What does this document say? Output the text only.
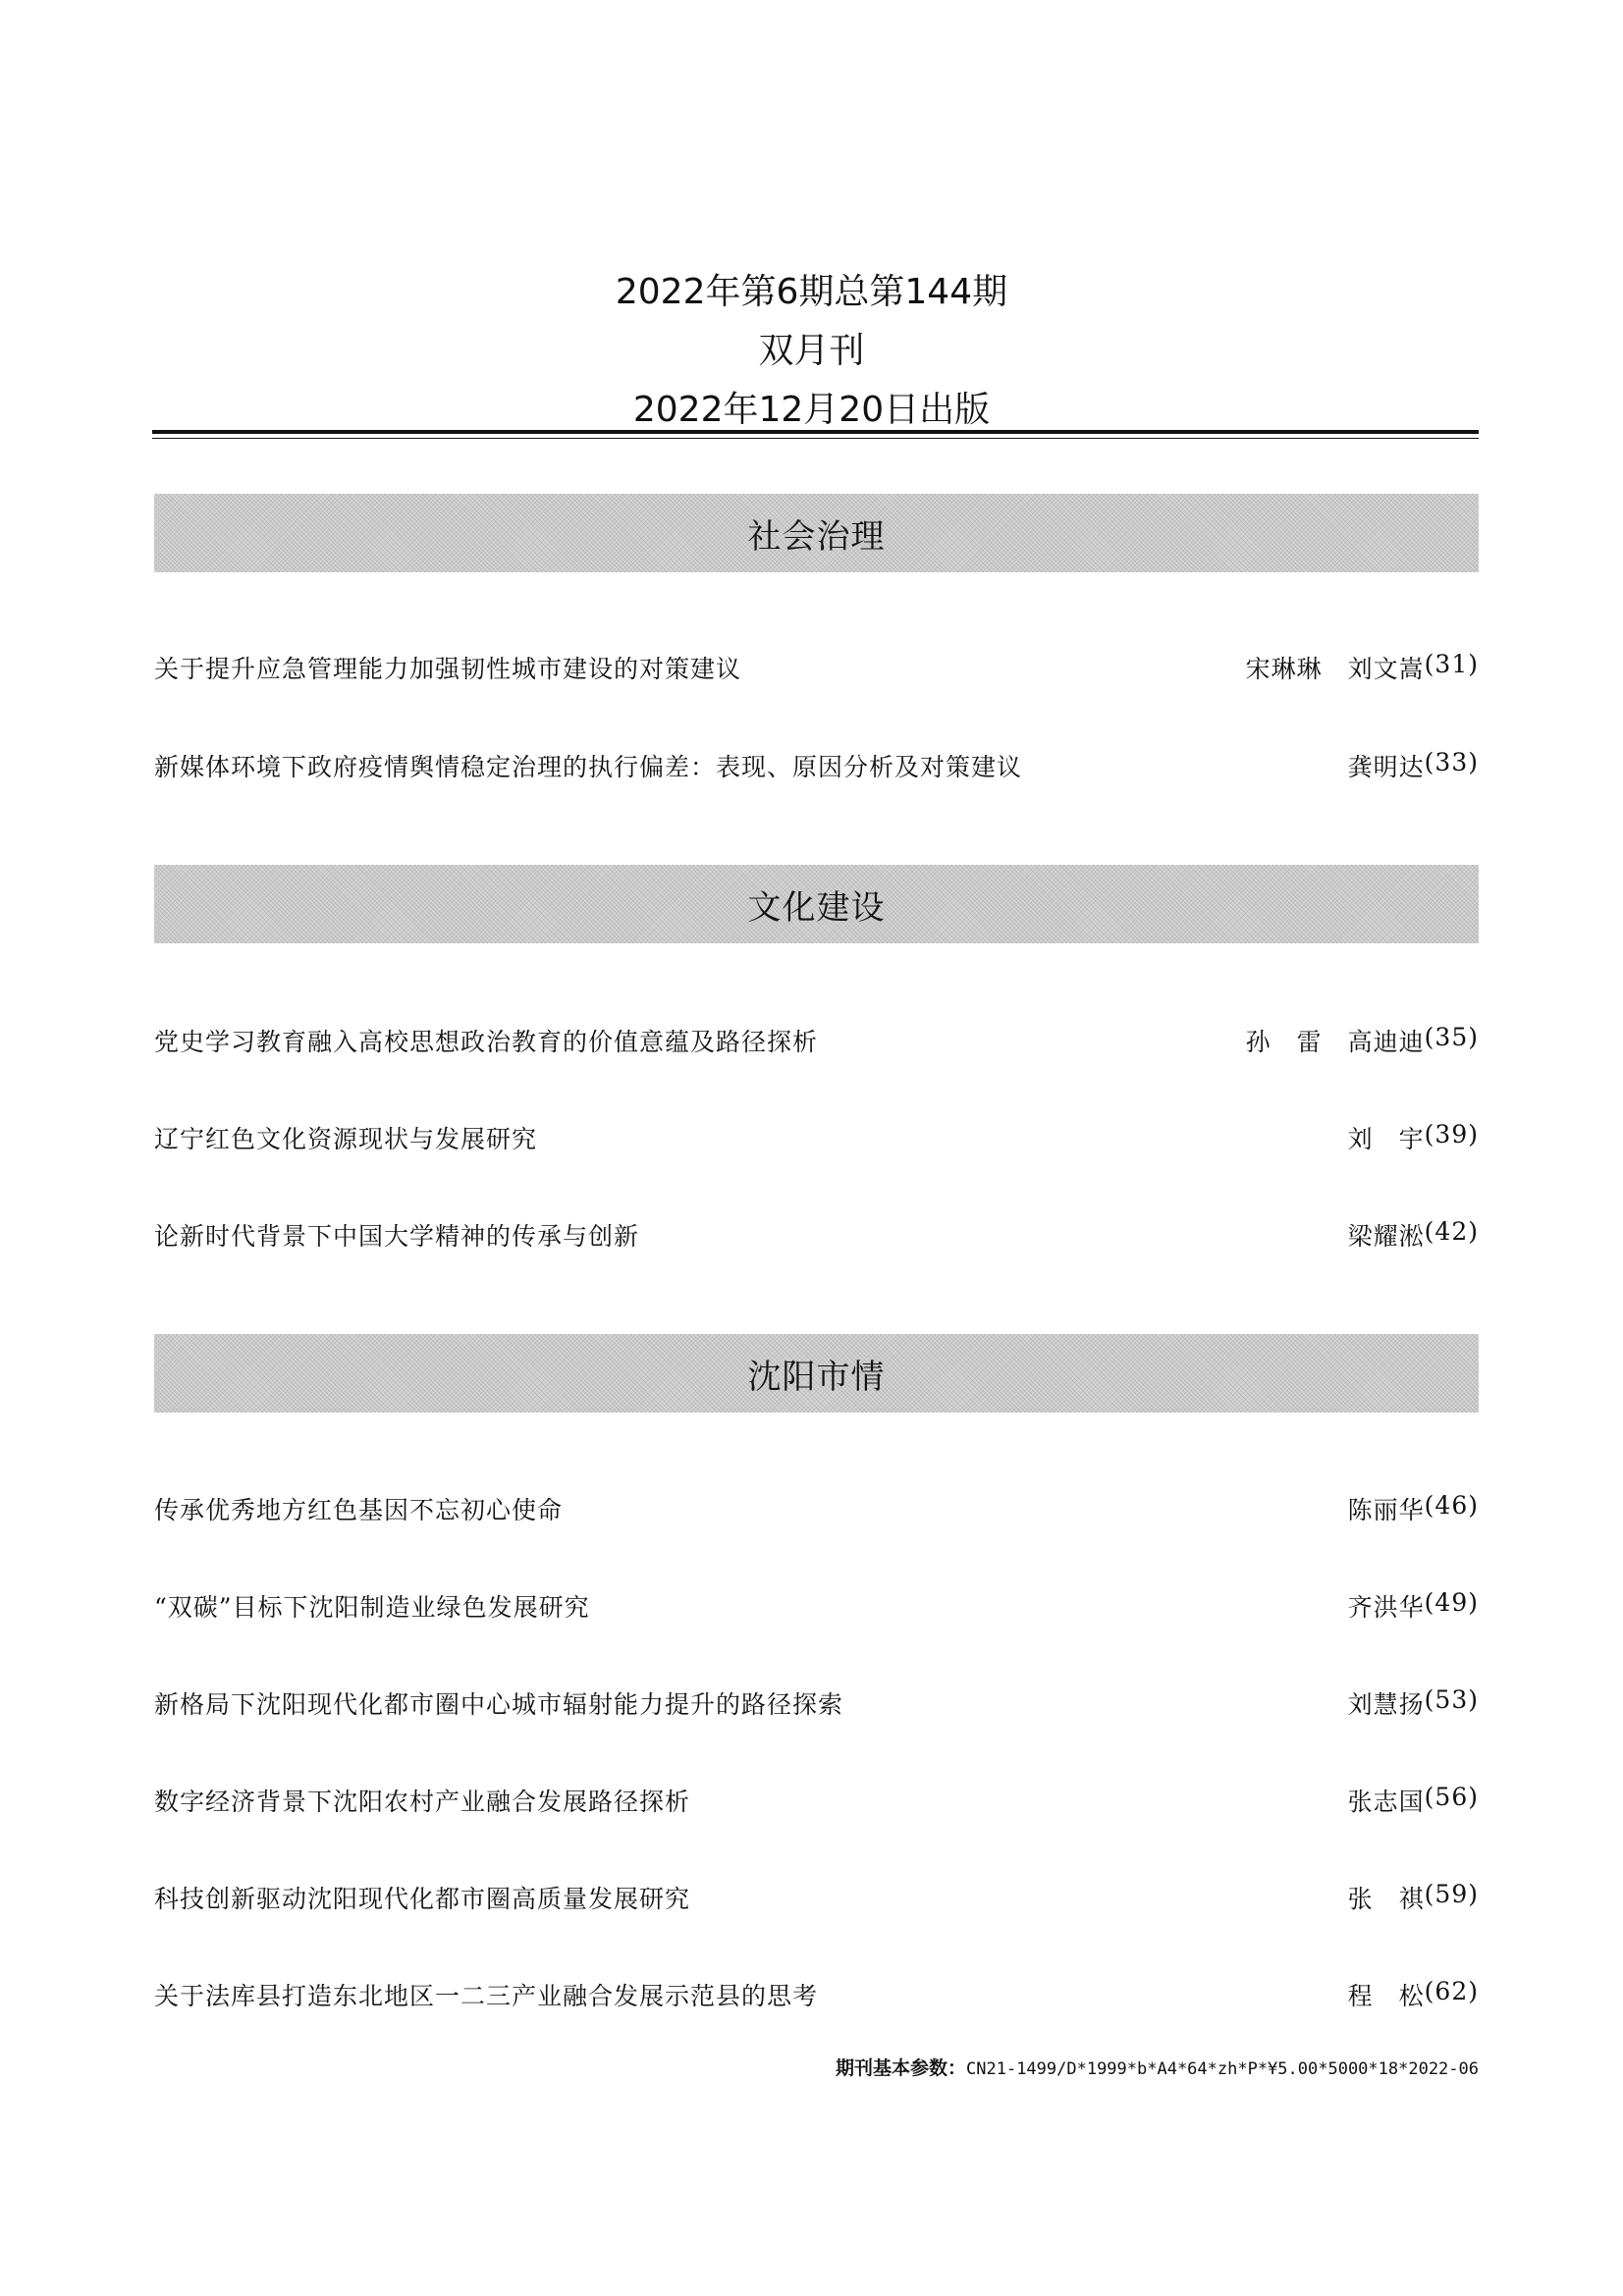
2022年第6期总第144期
双月刊
2022年12月20日出版
社会治理
关于提升应急管理能力加强韧性城市建设的对策建议	宋琳琳　刘文嵩 (31)
新媒体环境下政府疫情舆情稳定治理的执行偏差：表现、原因分析及对策建议	龚明达 (33)
文化建设
党史学习教育融入高校思想政治教育的价值意蕴及路径探析	孙　雷　高迪迪 (35)
辽宁红色文化资源现状与发展研究	刘　宇 (39)
论新时代背景下中国大学精神的传承与创新	梁耀淞 (42)
沈阳市情
传承优秀地方红色基因不忘初心使命	陈丽华 (46)
“双碳”目标下沈阳制造业绿色发展研究	齐洪华 (49)
新格局下沈阳现代化都市圈中心城市辐射能力提升的路径探索	刘慧扬 (53)
数字经济背景下沈阳农村产业融合发展路径探析	张志国 (56)
科技创新驱动沈阳现代化都市圈高质量发展研究	张　祺 (59)
关于法库县打造东北地区一二三产业融合发展示范县的思考	程　松 (62)
期刊基本参数：CN21-1499/D*1999*b*A4*64*zh*P*¥5.00*5000*18*2022-06
